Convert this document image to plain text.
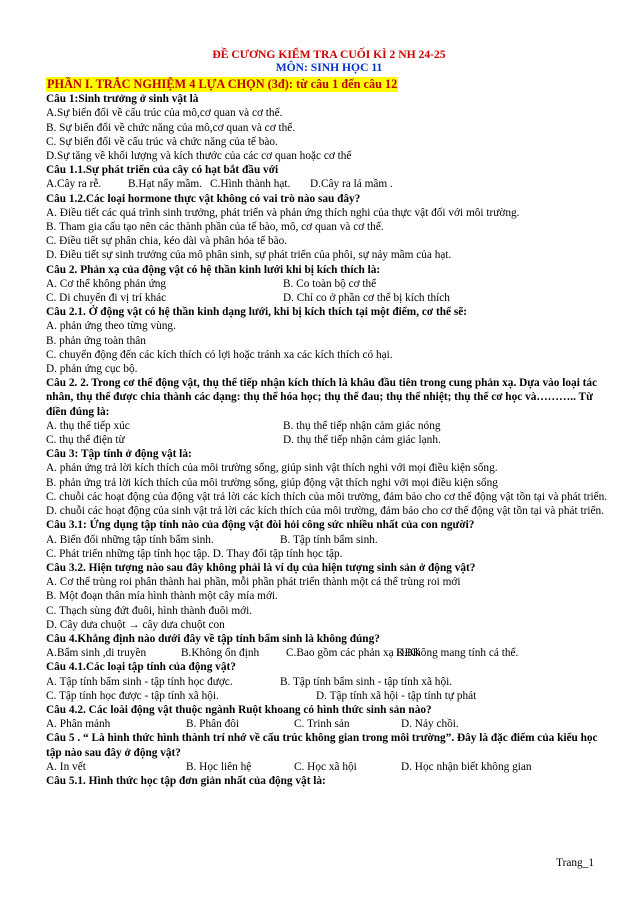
ĐỀ CƯƠNG KIỂM TRA CUỐI KÌ 2 NH 24-25
MÔN: SINH HỌC 11
PHẦN I. TRẮC NGHIỆM 4 LỰA CHỌN (3đ): từ câu 1 đến câu 12
Câu 1:Sinh trưởng ở sinh vật là
A.Sự biến đổi về cấu trúc của mô,cơ quan và cơ thể.
B. Sự biến đổi về chức năng của mô,cơ quan và cơ thể.
C. Sự biến đổi về cấu trúc và chức năng của tế bào.
D.Sự tăng về khối lượng và kích thước của các cơ quan hoặc cơ thể
Câu 1.1.Sự phát triển của cây có hạt bắt đầu với
A.Cây ra rễ.	B.Hạt nẩy mầm. C.Hình thành hạt.	D.Cây ra lá mầm .
Câu 1.2.Các loại hormone thực vật không có vai trò nào sau đây?
A. Điều tiết các quá trình sinh trưởng, phát triển và phản ứng thích nghi của thực vật đối với môi trường.
B. Tham gia cấu tạo nên các thành phần của tế bào, mô, cơ quan và cơ thể.
C. Điều tiết sự phân chia, kéo dài và phân hóa tế bào.
D. Điều tiết sự sinh trưởng của mô phân sinh, sự phát triển của phôi, sự nảy mầm của hạt.
Câu 2. Phản xạ của động vật có hệ thần kinh lưới khi bị kích thích là:
A. Cơ thể không phản ứng	B. Co toàn bộ cơ thể
C. Di chuyển đi vị trí khác	D. Chỉ co ở phần cơ thể bị kích thích
Câu 2.1. Ở động vật có hệ thần kinh dạng lưới, khi bị kích thích tại một điểm, cơ thể sẽ:
A. phản ứng theo từng vùng.
B. phản ứng toàn thân
C. chuyển động đến các kích thích có lợi hoặc tránh xa các kích thích có hại.
D. phản ứng cục bộ.
Câu 2. 2. Trong cơ thể động vật, thụ thể tiếp nhận kích thích là khâu đầu tiên trong cung phản xạ. Dựa vào loại tác nhân, thụ thể được chia thành các dạng: thụ thể hóa học; thụ thể đau; thụ thể nhiệt; thụ thể cơ học và……….. Từ điền đúng là:
A. thụ thể tiếp xúc	B. thụ thể tiếp nhận cảm giác nóng
C. thụ thể điện từ	D. thụ thể tiếp nhận cảm giác lạnh.
Câu 3: Tập tính ở động vật là:
A. phản ứng trả lời kích thích của môi trường sống, giúp sinh vật thích nghi với mọi điều kiện sống.
B. phản ứng trả lời kích thích của môi trường sống, giúp động vật thích nghi với mọi điều kiện sống
C. chuỗi các hoạt động của động vật trả lời các kích thích của môi trường, đảm bảo cho cơ thể động vật tồn tại và phát triển.
D. chuỗi các hoạt động của sinh vật trả lời các kích thích của môi trường, đảm bảo cho cơ thể động vật tồn tại và phát triển.
Câu 3.1: Ứng dụng tập tính nào của động vật đòi hỏi công sức nhiều nhất của con người?
A. Biến đổi những tập tính bẩm sinh.	B. Tập tính bẩm sinh.
C. Phát triển những tập tính học tập.
D. Thay đổi tập tính học tập.
Câu 3.2. Hiện tượng nào sau đây không phải là ví dụ của hiện tượng sinh sản ở động vật?
A. Cơ thể trùng roi phân thành hai phần, mỗi phần phát triển thành một cá thể trùng roi mới
B. Một đoạn thân mía hình thành một cây mía mới.
C. Thạch sùng đứt đuôi, hình thành đuôi mới.
D. Cây dưa chuột → cây dưa chuột con
Câu 4.Khẳng định nào dưới đây về tập tính bẩm sinh là không đúng?
A.Bẩm sinh ,di truyền	B.Không ổn định	C.Bao gồm các phản xạ KĐK
D.Không mang tính cá thể.
Câu 4.1.Các loại tập tính của động vật?
A. Tập tính bẩm sinh - tập tính học được.	B. Tập tính bẩm sinh - tập tính xã hội.
C. Tập tính học được - tập tính xã hội.	D. Tập tính xã hội - tập tính tự phát
Câu 4.2. Các loài động vật thuộc ngành Ruột khoang có hình thức sinh sản nào?
A. Phân mảnh	B. Phân đôi	C. Trinh sản	D. Nảy chồi.
Câu 5 . “ Là hình thức hình thành trí nhớ về cấu trúc không gian trong môi trường”. Đây là đặc điểm của kiểu học tập nào sau đây ở động vật?
A. In vết	B. Học liên hệ	C. Học xã hội	D. Học nhận biết không gian
Câu 5.1. Hình thức học tập đơn giản nhất của động vật là:
Trang_1
